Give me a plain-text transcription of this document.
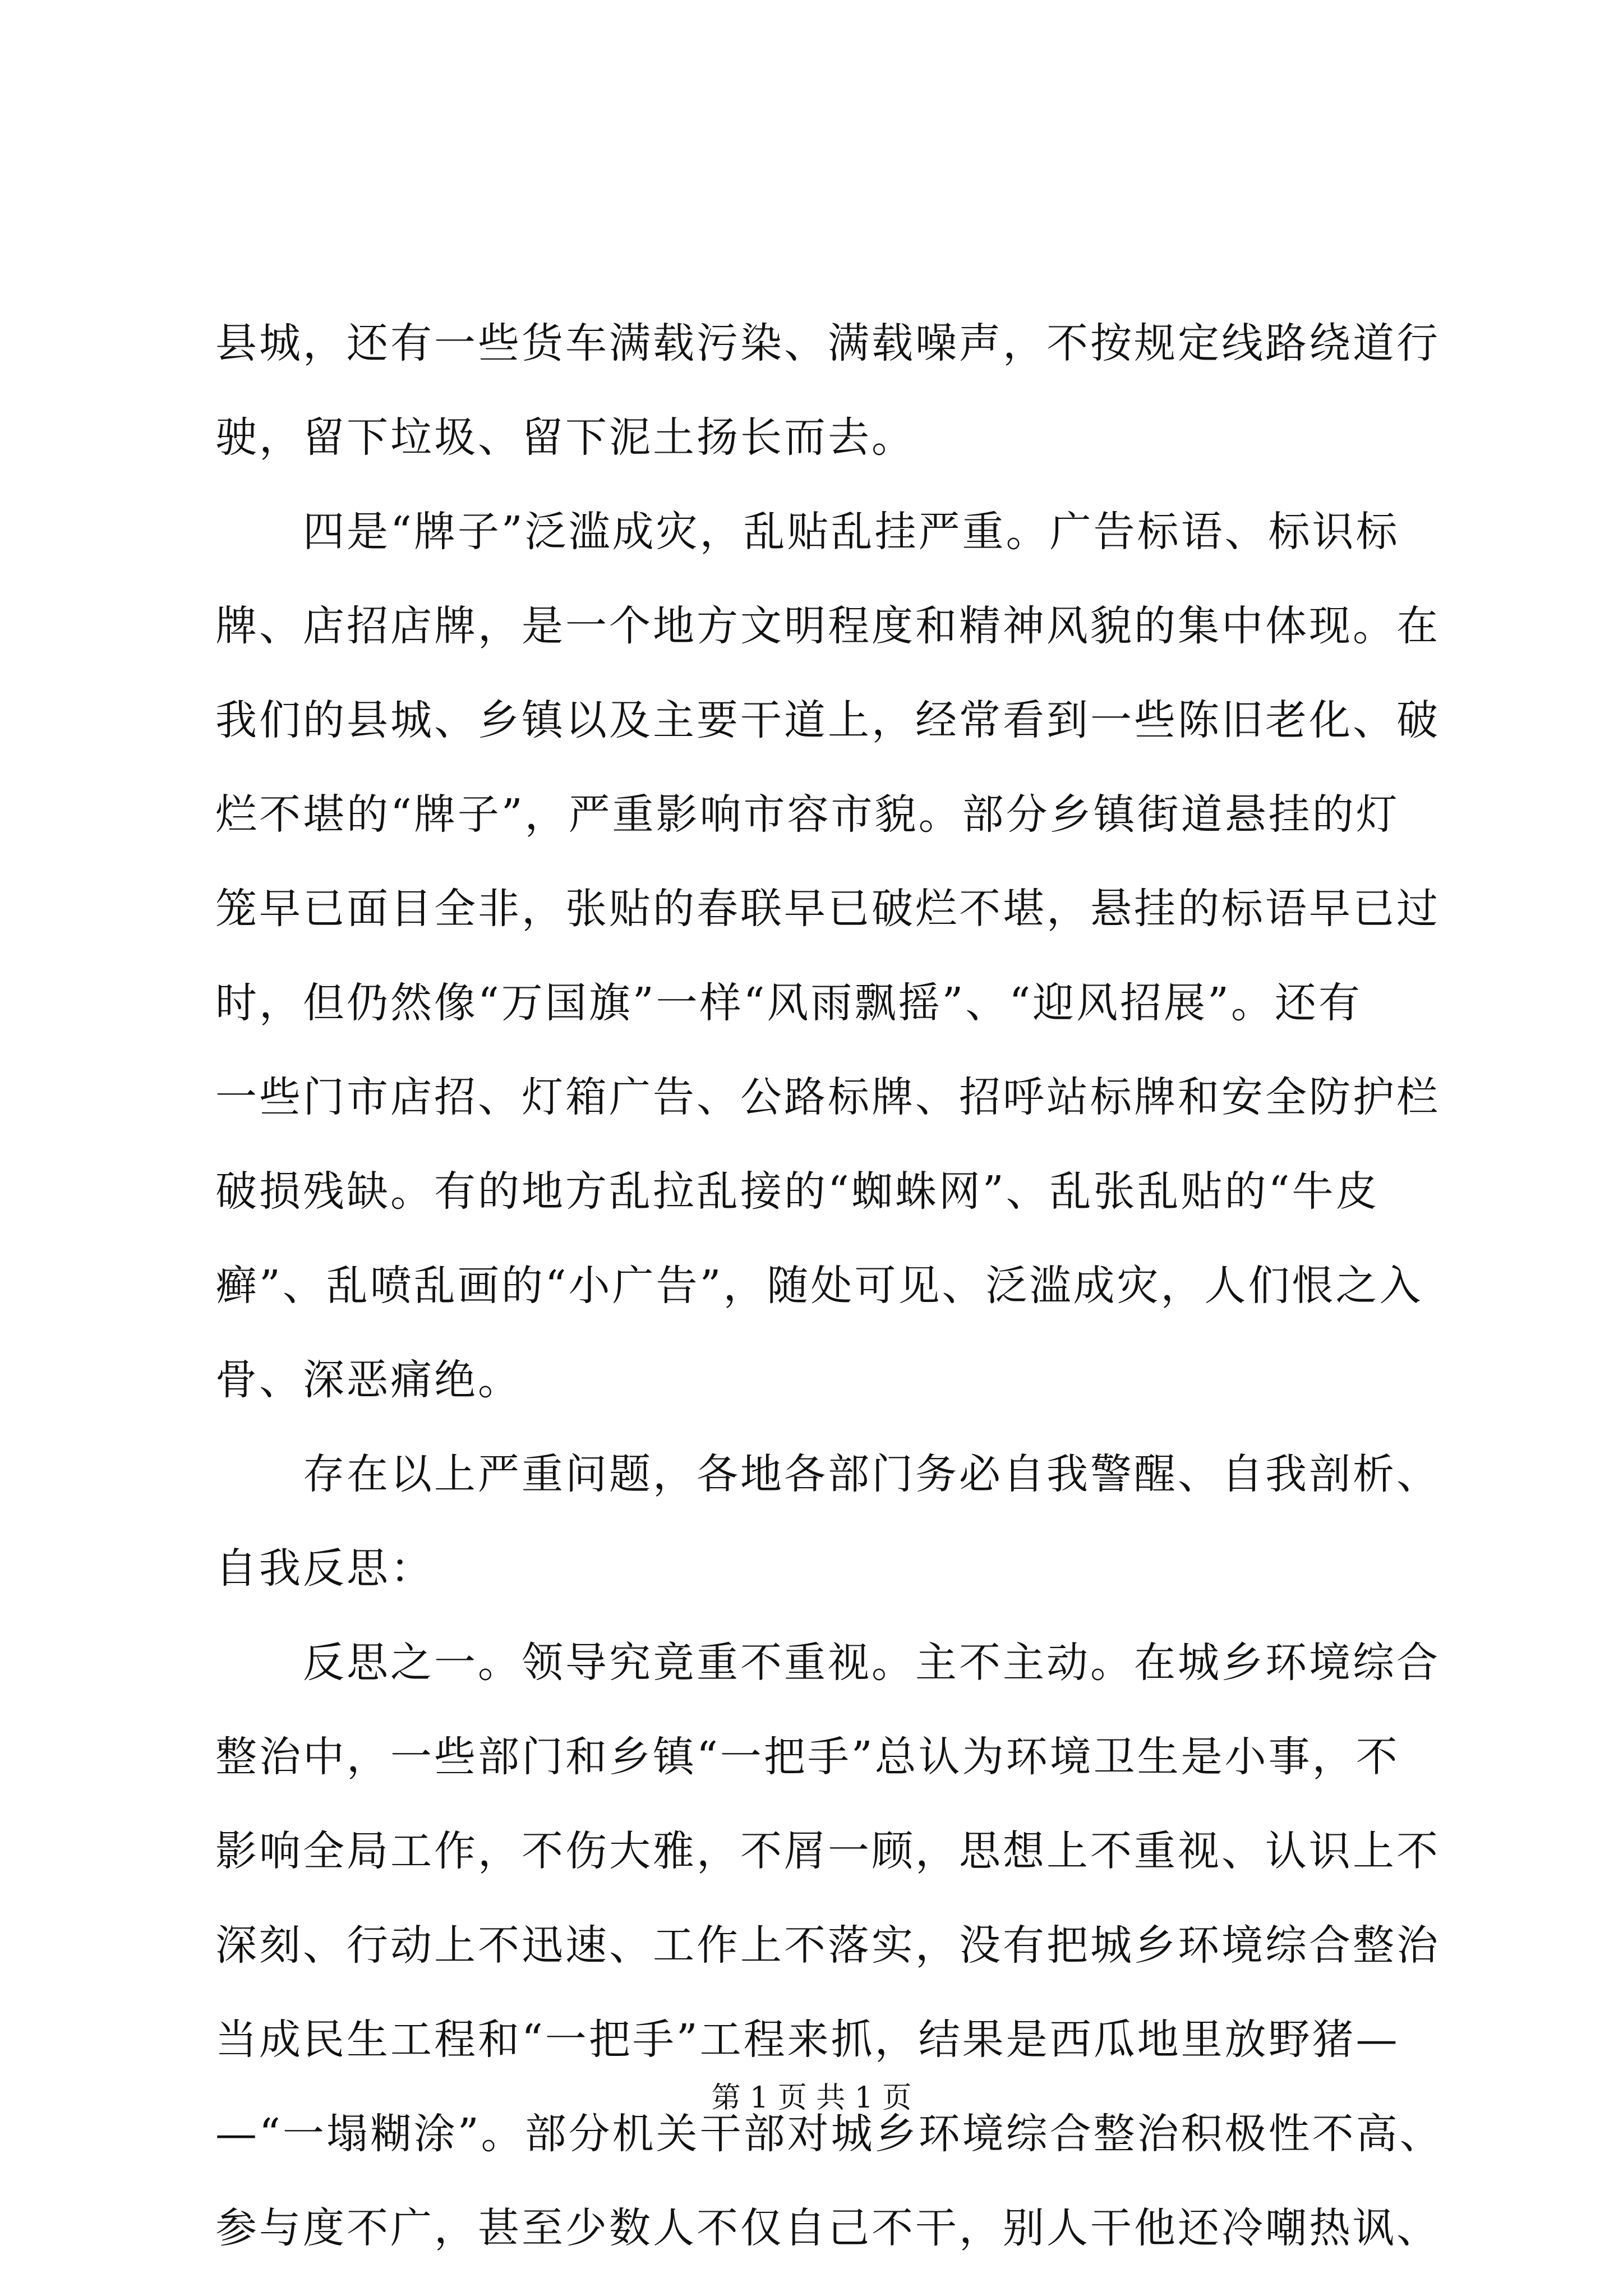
县城，还有一些货车满载污染、满载噪声，不按规定线路绕道行
驶，留下垃圾、留下泥土扬长而去。
　　四是“牌子”泛滥成灾，乱贴乱挂严重。广告标语、标识标
牌、店招店牌，是一个地方文明程度和精神风貌的集中体现。在
我们的县城、乡镇以及主要干道上，经常看到一些陈旧老化、破
烂不堪的“牌子”，严重影响市容市貌。部分乡镇街道悬挂的灯
笼早已面目全非，张贴的春联早已破烂不堪，悬挂的标语早已过
时，但仍然像“万国旗”一样“风雨飘摇”、“迎风招展”。还有
一些门市店招、灯箱广告、公路标牌、招呼站标牌和安全防护栏
破损残缺。有的地方乱拉乱接的“蜘蛛网”、乱张乱贴的“牛皮
癣”、乱喷乱画的“小广告”，随处可见、泛滥成灾，人们恨之入
骨、深恶痛绝。
　　存在以上严重问题，各地各部门务必自我警醒、自我剖析、
自我反思：
　　反思之一。领导究竟重不重视。主不主动。在城乡环境综合
整治中，一些部门和乡镇“一把手”总认为环境卫生是小事，不
影响全局工作，不伤大雅，不屑一顾，思想上不重视、认识上不
深刻、行动上不迅速、工作上不落实，没有把城乡环境综合整治
当成民生工程和“一把手”工程来抓，结果是西瓜地里放野猪—
—“一塌糊涂”。部分机关干部对城乡环境综合整治积极性不高、
参与度不广，甚至少数人不仅自己不干，别人干他还冷嘲热讽、
第 1 页 共 1 页
